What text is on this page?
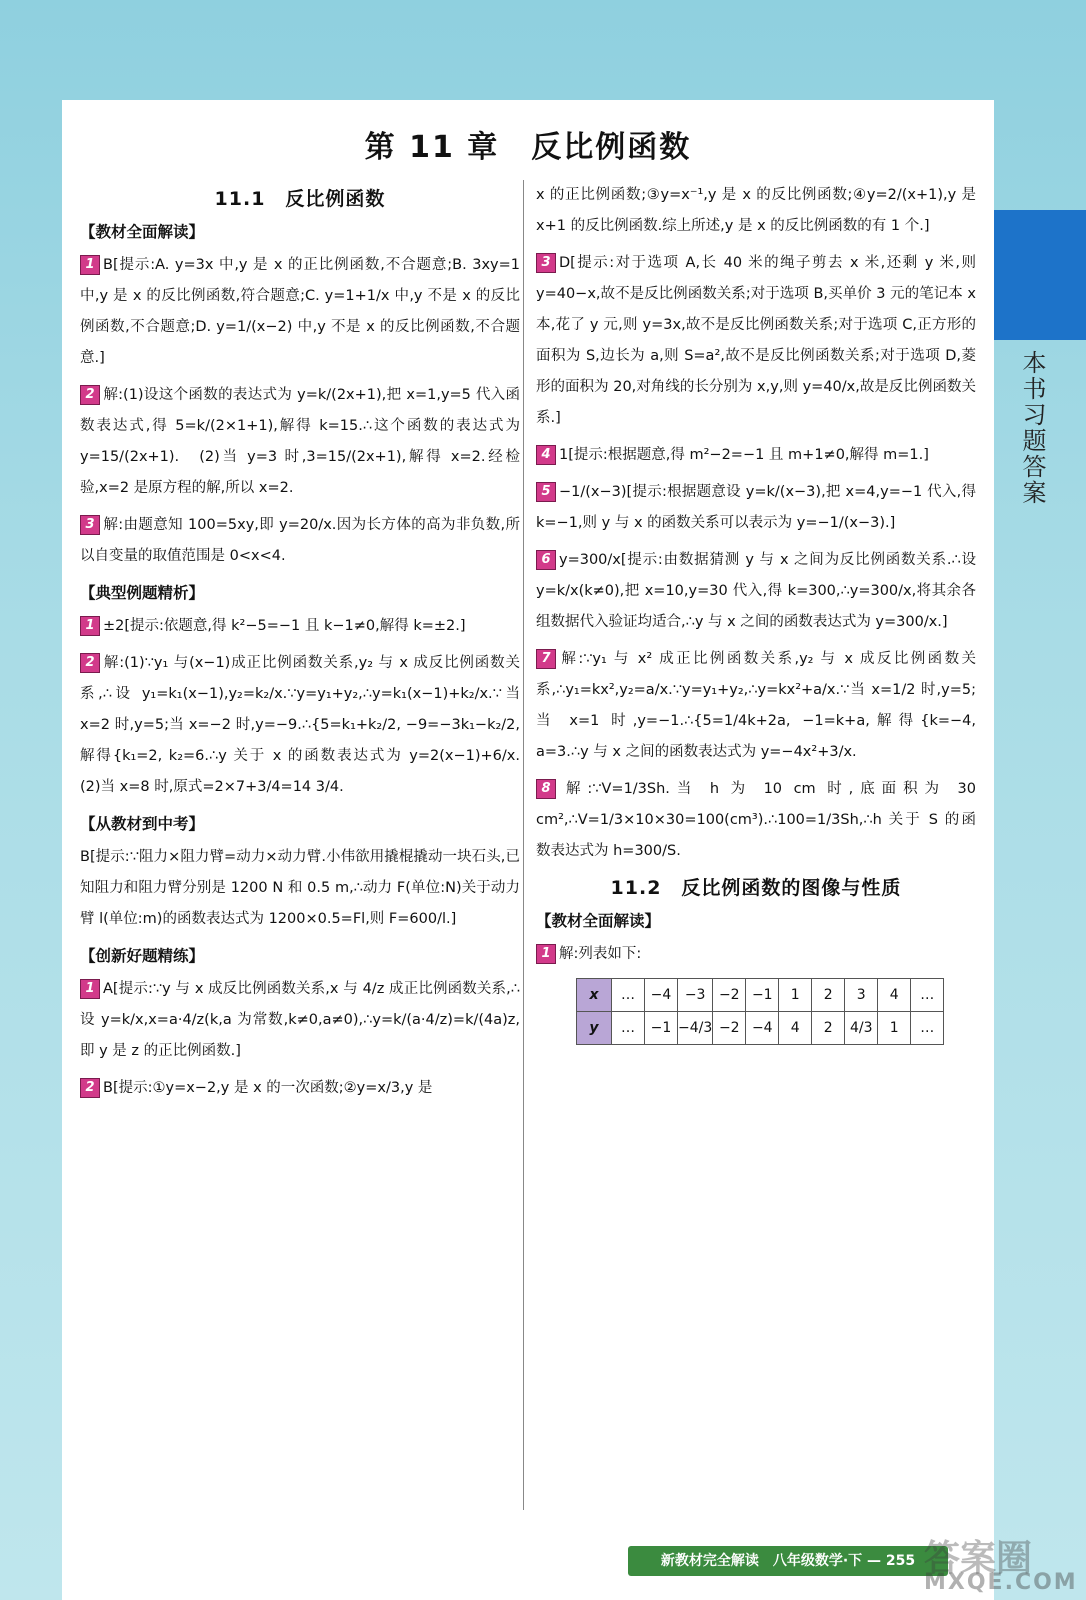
本书习题答案
第 11 章　反比例函数
11.1　反比例函数
【教材全面解读】
1 B[提示:A. y=3x 中,y 是 x 的正比例函数,不合题意;B. 3xy=1 中,y 是 x 的反比例函数,符合题意;C. y=1+1/x 中,y 不是 x 的反比例函数,不合题意;D. y=1/(x−2) 中,y 不是 x 的反比例函数,不合题意.]
2 解:(1)设这个函数的表达式为 y=k/(2x+1),把 x=1,y=5 代入函数表达式,得 5=k/(2×1+1),解得 k=15.∴这个函数的表达式为 y=15/(2x+1).　(2)当 y=3 时,3=15/(2x+1),解得 x=2.经检验,x=2 是原方程的解,所以 x=2.
3 解:由题意知 100=5xy,即 y=20/x.因为长方体的高为非负数,所以自变量的取值范围是 0<x<4.
【典型例题精析】
1 ±2[提示:依题意,得 k²−5=−1 且 k−1≠0,解得 k=±2.]
2 解:(1)∵y₁ 与(x−1)成正比例函数关系,y₂ 与 x 成反比例函数关系,∴设 y₁=k₁(x−1),y₂=k₂/x.∵y=y₁+y₂,∴y=k₁(x−1)+k₂/x.∵当 x=2 时,y=5;当 x=−2 时,y=−9.∴{5=k₁+k₂/2, −9=−3k₁−k₂/2,解得{k₁=2, k₂=6.∴y 关于 x 的函数表达式为 y=2(x−1)+6/x.　(2)当 x=8 时,原式=2×7+3/4=14 3/4.
【从教材到中考】
B[提示:∵阻力×阻力臂=动力×动力臂.小伟欲用撬棍撬动一块石头,已知阻力和阻力臂分别是 1200 N 和 0.5 m,∴动力 F(单位:N)关于动力臂 l(单位:m)的函数表达式为 1200×0.5=Fl,则 F=600/l.]
【创新好题精练】
1 A[提示:∵y 与 x 成反比例函数关系,x 与 4/z 成正比例函数关系,∴设 y=k/x,x=a·4/z(k,a 为常数,k≠0,a≠0),∴y=k/(a·4/z)=k/(4a)z,即 y 是 z 的正比例函数.]
2 B[提示:①y=x−2,y 是 x 的一次函数;②y=x/3,y 是
x 的正比例函数;③y=x⁻¹,y 是 x 的反比例函数;④y=2/(x+1),y 是 x+1 的反比例函数.综上所述,y 是 x 的反比例函数的有 1 个.]
3 D[提示:对于选项 A,长 40 米的绳子剪去 x 米,还剩 y 米,则 y=40−x,故不是反比例函数关系;对于选项 B,买单价 3 元的笔记本 x 本,花了 y 元,则 y=3x,故不是反比例函数关系;对于选项 C,正方形的面积为 S,边长为 a,则 S=a²,故不是反比例函数关系;对于选项 D,菱形的面积为 20,对角线的长分别为 x,y,则 y=40/x,故是反比例函数关系.]
4 1[提示:根据题意,得 m²−2=−1 且 m+1≠0,解得 m=1.]
5 −1/(x−3)[提示:根据题意设 y=k/(x−3),把 x=4,y=−1 代入,得 k=−1,则 y 与 x 的函数关系可以表示为 y=−1/(x−3).]
6 y=300/x[提示:由数据猜测 y 与 x 之间为反比例函数关系.∴设 y=k/x(k≠0),把 x=10,y=30 代入,得 k=300,∴y=300/x,将其余各组数据代入验证均适合,∴y 与 x 之间的函数表达式为 y=300/x.]
7 解:∵y₁ 与 x² 成正比例函数关系,y₂ 与 x 成反比例函数关系,∴y₁=kx²,y₂=a/x.∵y=y₁+y₂,∴y=kx²+a/x.∵当 x=1/2 时,y=5;当 x=1 时,y=−1.∴{5=1/4k+2a, −1=k+a,解得{k=−4, a=3.∴y 与 x 之间的函数表达式为 y=−4x²+3/x.
8 解:∵V=1/3Sh.当 h 为 10 cm 时,底面积为 30 cm²,∴V=1/3×10×30=100(cm³).∴100=1/3Sh,∴h 关于 S 的函数表达式为 h=300/S.
11.2　反比例函数的图像与性质
【教材全面解读】
1 解:列表如下:
x	…	−4	−3	−2	−1	1	2	3	4	…
y	…	−1	−4/3	−2	−4	4	2	4/3	1	…
新教材完全解读　八年级数学·下 — 255 答案圈
MXQE.COM
